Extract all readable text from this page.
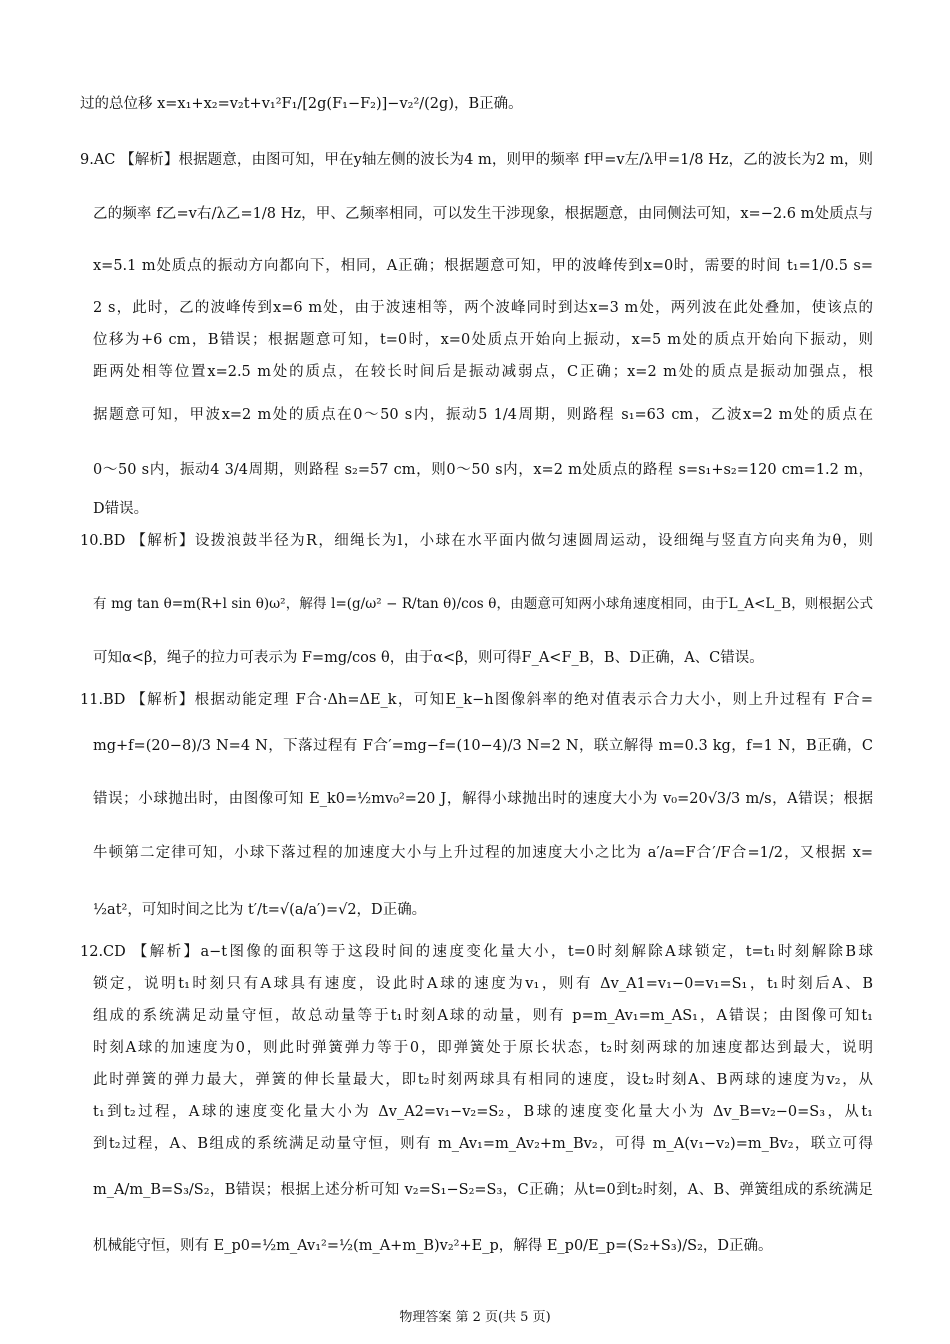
过的总位移 x=x₁+x₂=v₂t+v₁²F₁/[2g(F₁−F₂)]−v₂²/(2g)，B正确。
9.AC 【解析】根据题意，由图可知，甲在y轴左侧的波长为4 m，则甲的频率 f甲=v左/λ甲=1/8 Hz，乙的波长为2 m，则
乙的频率 f乙=v右/λ乙=1/8 Hz，甲、乙频率相同，可以发生干涉现象，根据题意，由同侧法可知，x=−2.6 m处质点与
x=5.1 m处质点的振动方向都向下，相同，A正确；根据题意可知，甲的波峰传到x=0时，需要的时间 t₁=1/0.5 s=
2 s，此时，乙的波峰传到x=6 m处，由于波速相等，两个波峰同时到达x=3 m处，两列波在此处叠加，使该点的
位移为+6 cm，B错误；根据题意可知，t=0时，x=0处质点开始向上振动，x=5 m处的质点开始向下振动，则
距两处相等位置x=2.5 m处的质点，在较长时间后是振动减弱点，C正确；x=2 m处的质点是振动加强点，根
据题意可知，甲波x=2 m处的质点在0～50 s内，振动5 1/4周期，则路程 s₁=63 cm，乙波x=2 m处的质点在
0～50 s内，振动4 3/4周期，则路程 s₂=57 cm，则0～50 s内，x=2 m处质点的路程 s=s₁+s₂=120 cm=1.2 m，
D错误。
10.BD 【解析】设拨浪鼓半径为R，细绳长为l，小球在水平面内做匀速圆周运动，设细绳与竖直方向夹角为θ，则
有 mg tan θ=m(R+l sin θ)ω²，解得 l=(g/ω² − R/tan θ)/cos θ，由题意可知两小球角速度相同，由于L_A<L_B，则根据公式
可知α<β，绳子的拉力可表示为 F=mg/cos θ，由于α<β，则可得F_A<F_B，B、D正确，A、C错误。
11.BD 【解析】根据动能定理 F合·Δh=ΔE_k，可知E_k−h图像斜率的绝对值表示合力大小，则上升过程有 F合=
mg+f=(20−8)/3 N=4 N，下落过程有 F合′=mg−f=(10−4)/3 N=2 N，联立解得 m=0.3 kg，f=1 N，B正确，C
错误；小球抛出时，由图像可知 E_k0=½mv₀²=20 J，解得小球抛出时的速度大小为 v₀=20√3/3 m/s，A错误；根据
牛顿第二定律可知，小球下落过程的加速度大小与上升过程的加速度大小之比为 a′/a=F合′/F合=1/2，又根据 x=
½at²，可知时间之比为 t′/t=√(a/a′)=√2，D正确。
12.CD 【解析】a−t图像的面积等于这段时间的速度变化量大小，t=0时刻解除A球锁定，t=t₁时刻解除B球
锁定，说明t₁时刻只有A球具有速度，设此时A球的速度为v₁，则有 Δv_A1=v₁−0=v₁=S₁，t₁时刻后A、B
组成的系统满足动量守恒，故总动量等于t₁时刻A球的动量，则有 p=m_Av₁=m_AS₁，A错误；由图像可知t₁
时刻A球的加速度为0，则此时弹簧弹力等于0，即弹簧处于原长状态，t₂时刻两球的加速度都达到最大，说明
此时弹簧的弹力最大，弹簧的伸长量最大，即t₂时刻两球具有相同的速度，设t₂时刻A、B两球的速度为v₂，从
t₁到t₂过程，A球的速度变化量大小为 Δv_A2=v₁−v₂=S₂，B球的速度变化量大小为 Δv_B=v₂−0=S₃，从t₁
到t₂过程，A、B组成的系统满足动量守恒，则有 m_Av₁=m_Av₂+m_Bv₂，可得 m_A(v₁−v₂)=m_Bv₂，联立可得
m_A/m_B=S₃/S₂，B错误；根据上述分析可知 v₂=S₁−S₂=S₃，C正确；从t=0到t₂时刻，A、B、弹簧组成的系统满足
机械能守恒，则有 E_p0=½m_Av₁²=½(m_A+m_B)v₂²+E_p，解得 E_p0/E_p=(S₂+S₃)/S₂，D正确。
物理答案 第 2 页(共 5 页)
